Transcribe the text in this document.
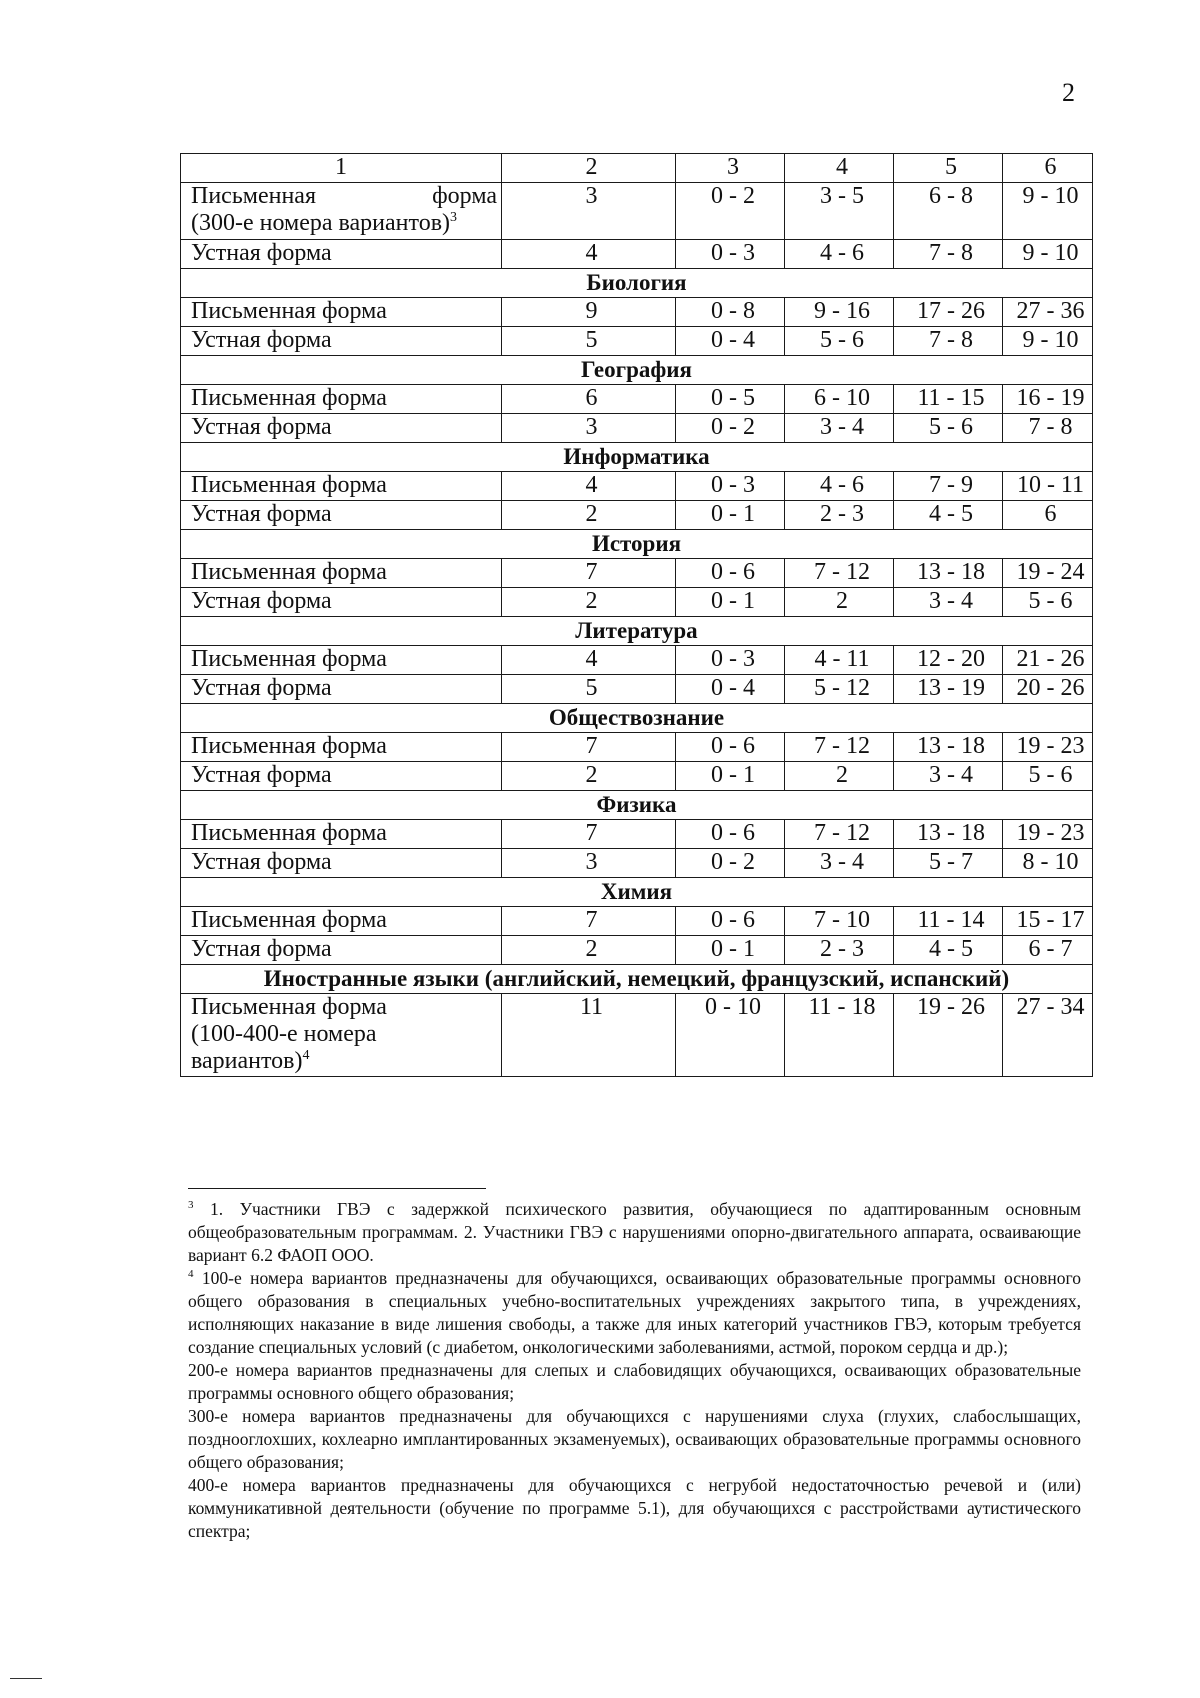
2
1	2	3	4	5	6

Письменная форма
(300-е номера вариантов)$^3$	3	0 - 2	3 - 5	6 - 8	9 - 10
Устная форма	4	0 - 3	4 - 6	7 - 8	9 - 10
Биология					
Письменная форма	9	0 - 8	9 - 16	17 - 26	27 - 36
Устная форма	5	0 - 4	5 - 6	7 - 8	9 - 10
География					
Письменная форма	6	0 - 5	6 - 10	11 - 15	16 - 19
Устная форма	3	0 - 2	3 - 4	5 - 6	7 - 8
Информатика					
Письменная форма	4	0 - 3	4 - 6	7 - 9	10 - 11
Устная форма	2	0 - 1	2 - 3	4 - 5	6
История					
Письменная форма	7	0 - 6	7 - 12	13 - 18	19 - 24
Устная форма	2	0 - 1	2	3 - 4	5 - 6
Литература					
Письменная форма	4	0 - 3	4 - 11	12 - 20	21 - 26
Устная форма	5	0 - 4	5 - 12	13 - 19	20 - 26
Обществознание					
Письменная форма	7	0 - 6	7 - 12	13 - 18	19 - 23
Устная форма	2	0 - 1	2	3 - 4	5 - 6
Физика					
Письменная форма	7	0 - 6	7 - 12	13 - 18	19 - 23
Устная форма	3	0 - 2	3 - 4	5 - 7	8 - 10
Химия					
Письменная форма	7	0 - 6	7 - 10	11 - 14	15 - 17
Устная форма	2	0 - 1	2 - 3	4 - 5	6 - 7
Иностранные языки (английский, немецкий, французский, испанский)					

Письменная форма
(100-400-е номера
вариантов)$^4$	11	0 - 10	11 - 18	19 - 26	27 - 34

$^3$ 1. Участники ГВЭ с задержкой психического развития, обучающиеся по адаптированным основным общеобразовательным программам. 2. Участники ГВЭ с нарушениями опорно-двигательного аппарата, осваивающие вариант 6.2 ФАОП ООО.

$^4$ 100-е номера вариантов предназначены для обучающихся, осваивающих образовательные программы основного общего образования в специальных учебно-воспитательных учреждениях закрытого типа, в учреждениях, исполняющих наказание в виде лишения свободы, а также для иных категорий участников ГВЭ, которым требуется создание специальных условий (с диабетом, онкологическими заболеваниями, астмой, пороком сердца и др.);

200-е номера вариантов предназначены для слепых и слабовидящих обучающихся, осваивающих образовательные программы основного общего образования;

300-е номера вариантов предназначены для обучающихся с нарушениями слуха (глухих, слабослышащих, позднооглохших, кохлеарно имплантированных экзаменуемых), осваивающих образовательные программы основного общего образования;

400-е номера вариантов предназначены для обучающихся с негрубой недостаточностью речевой и (или) коммуникативной деятельности (обучение по программе 5.1), для обучающихся с расстройствами аутистического спектра;
